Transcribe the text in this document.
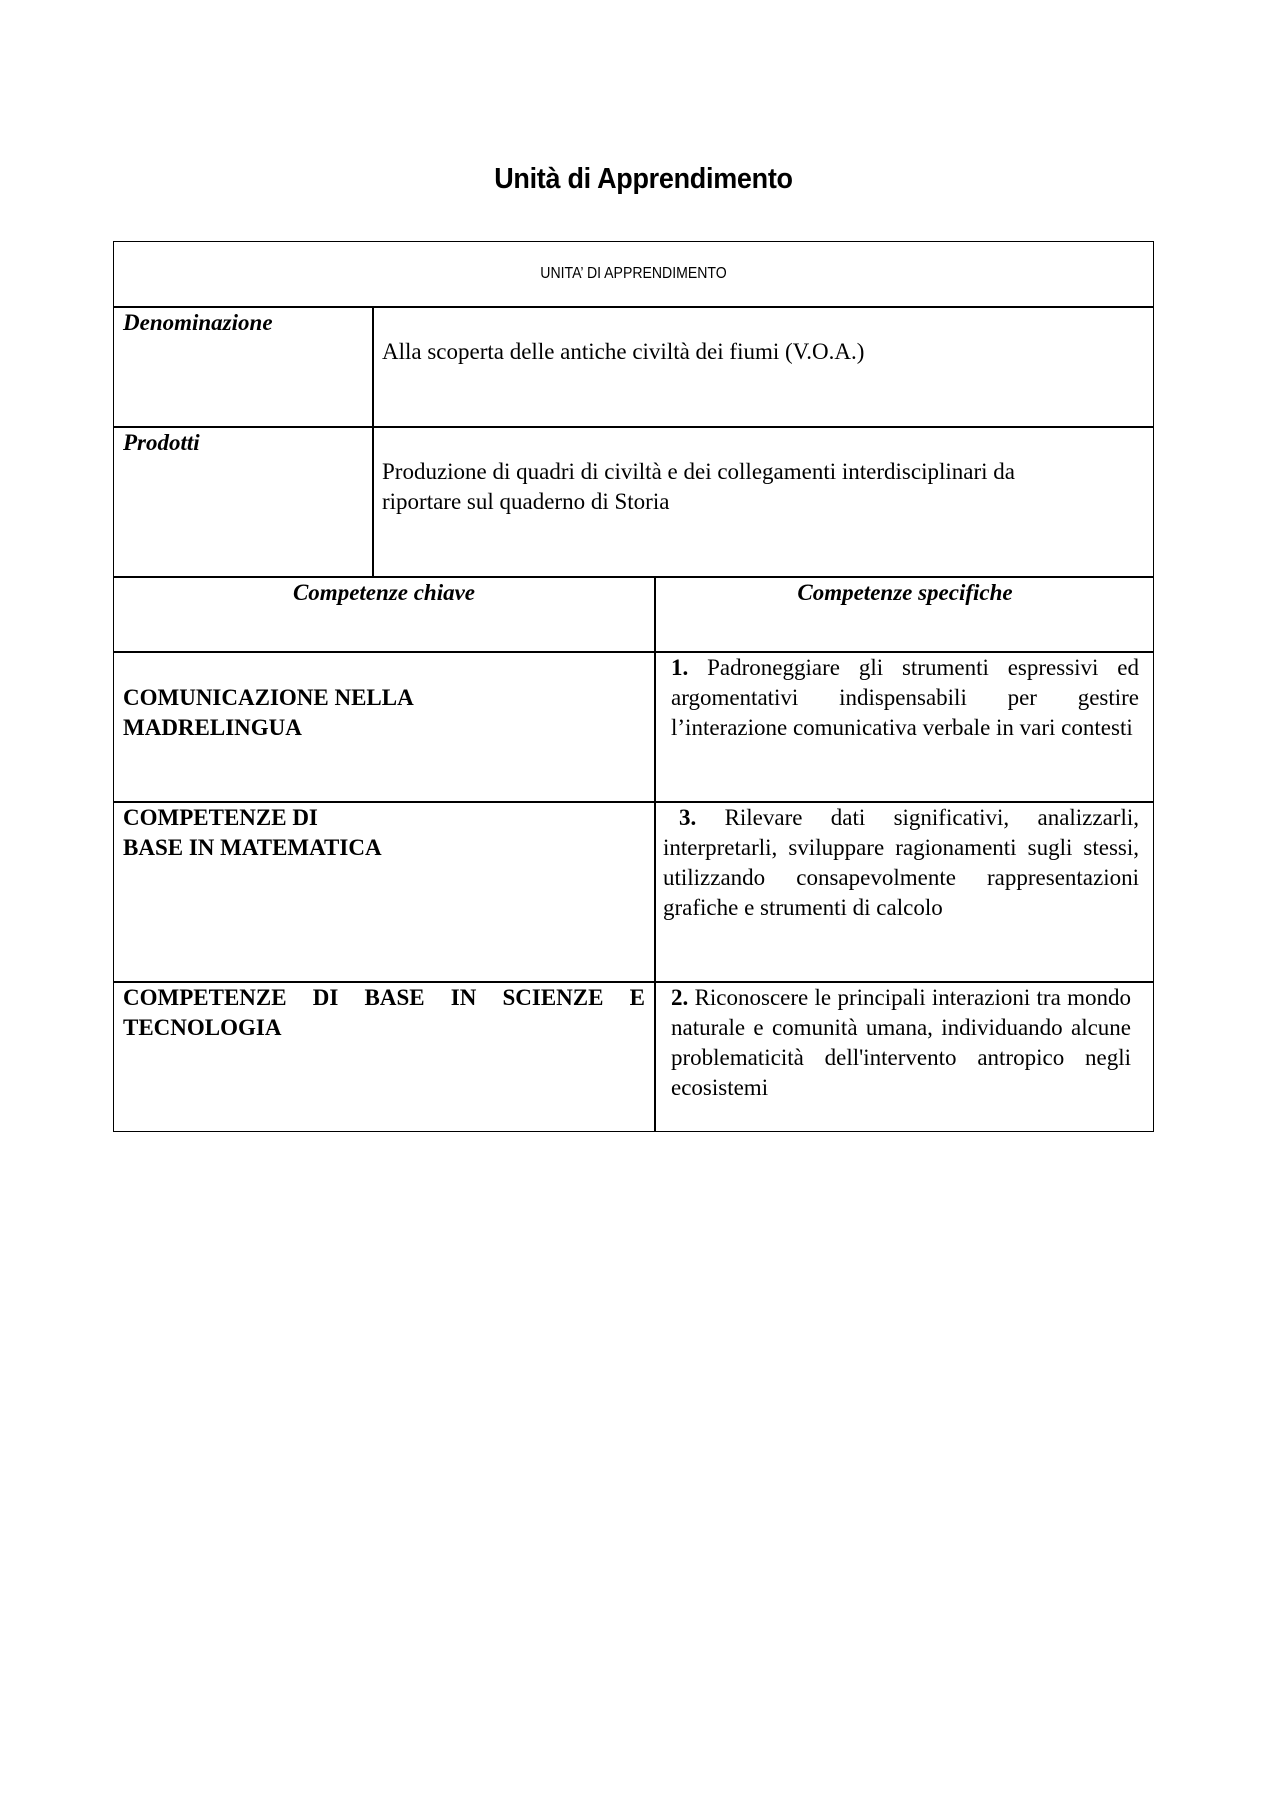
Unità di Apprendimento
UNITA’ DI APPRENDIMENTO
Denominazione
Alla scoperta delle antiche civiltà dei fiumi (V.O.A.)
Prodotti
Produzione di quadri di civiltà e dei collegamenti interdisciplinari da
riportare sul quaderno di Storia
Competenze chiave	Competenze specifiche
COMUNICAZIONE NELLA MADRELINGUA
1. Padroneggiare gli strumenti espressivi ed argomentativi indispensabili per gestire l’interazione comunicativa verbale in vari contesti
COMPETENZE DI
BASE IN MATEMATICA
3. Rilevare dati significativi, analizzarli, interpretarli, sviluppare ragionamenti sugli stessi, utilizzando consapevolmente rappresentazioni grafiche e strumenti di calcolo
COMPETENZE DI BASE IN SCIENZE E TECNOLOGIA
2. Riconoscere le principali interazioni tra mondo naturale e comunità umana, individuando alcune problematicità dell'intervento antropico negli ecosistemi
